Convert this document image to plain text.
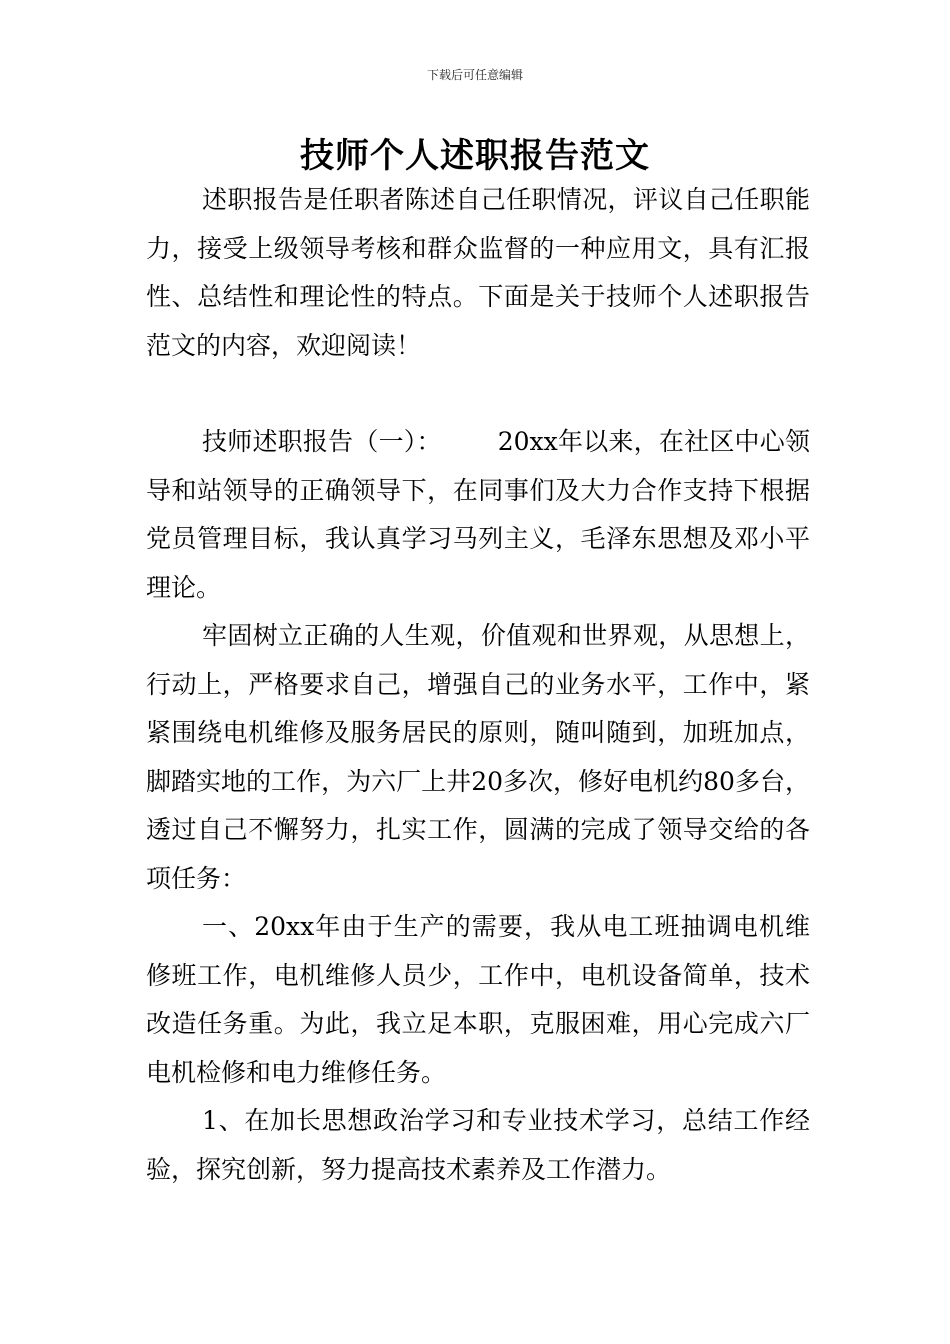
下载后可任意编辑
技师个人述职报告范文

述职报告是任职者陈述自己任职情况，评议自己任职能力，接受上级领导考核和群众监督的一种应用文，具有汇报性、总结性和理论性的特点。下面是关于技师个人述职报告范文的内容，欢迎阅读！

技师述职报告（一）： 20xx年以来，在社区中心领导和站领导的正确领导下，在同事们及大力合作支持下根据党员管理目标，我认真学习马列主义，毛泽东思想及邓小平理论。

牢固树立正确的人生观，价值观和世界观，从思想上，行动上，严格要求自己，增强自己的业务水平，工作中，紧紧围绕电机维修及服务居民的原则，随叫随到，加班加点，脚踏实地的工作，为六厂上井20多次，修好电机约80多台，透过自己不懈努力，扎实工作，圆满的完成了领导交给的各项任务：

一、20xx年由于生产的需要，我从电工班抽调电机维修班工作，电机维修人员少，工作中，电机设备简单，技术改造任务重。为此，我立足本职，克服困难，用心完成六厂电机检修和电力维修任务。

1、在加长思想政治学习和专业技术学习，总结工作经验，探究创新，努力提高技术素养及工作潜力。
